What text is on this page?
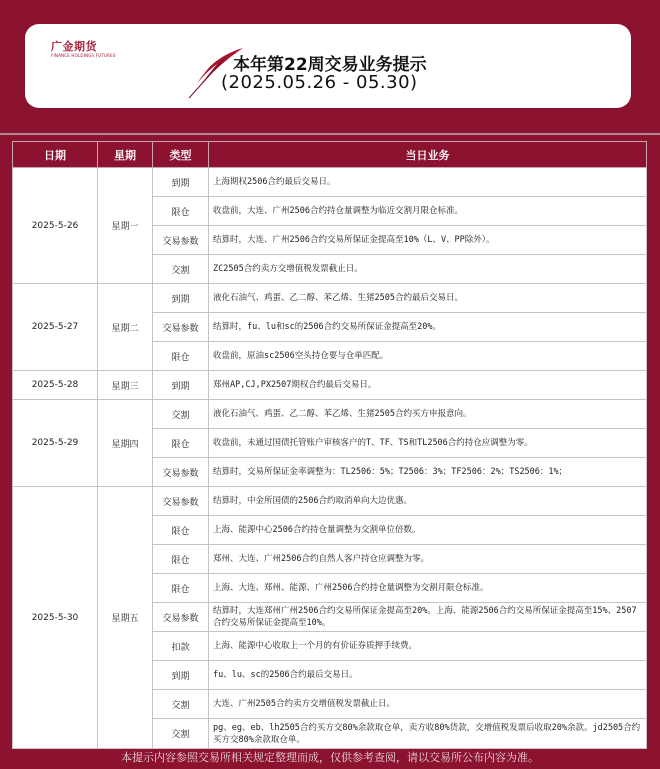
广金期货
FINANCE HOLDINGS FUTURES	本年第22周交易业务提示
(2025.05.26 - 05.30)
日期	星期	类型	当日业务
2025-5-26	星期一	到期	上海期权2506合约最后交易日。
		限仓	收盘前，大连、广州2506合约持仓量调整为临近交割月限仓标准。
		交易参数	结算时，大连、广州2506合约交易所保证金提高至10%（L、V、PP除外）。
		交割	ZC2505合约卖方交增值税发票截止日。
2025-5-27	星期二	到期	液化石油气、鸡蛋、乙二醇、苯乙烯、生猪2505合约最后交易日。
		交易参数	结算时，fu、lu和sc的2506合约交易所保证金提高至20%。
		限仓	收盘前，原油sc2506空头持仓要与仓单匹配。
2025-5-28	星期三	到期	郑州AP,CJ,PX2507期权合约最后交易日。
2025-5-29	星期四	交割	液化石油气、鸡蛋、乙二醇、苯乙烯、生猪2505合约买方申报意向。
		限仓	收盘前，未通过国债托管账户审核客户的T、TF、TS和TL2506合约持仓应调整为零。
		交易参数	结算时，交易所保证金率调整为：TL2506：5%；T2506：3%；TF2506：2%；TS2506：1%；
2025-5-30	星期五	交易参数	结算时，中金所国债的2506合约取消单向大边优惠。
		限仓	上海、能源中心2506合约持仓量调整为交割单位倍数。
		限仓	郑州、大连、广州2506合约自然人客户持仓应调整为零。
		限仓	上海、大连、郑州、能源、广州2506合约持仓量调整为交割月限仓标准。
		交易参数	结算时，大连郑州广州2506合约交易所保证金提高至20%。上海、能源2506合约交易所保证金提高至15%、2507合约交易所保证金提高至10%。
		扣款	上海、能源中心收取上一个月的有价证券质押手续费。
		到期	fu、lu、sc的2506合约最后交易日。
		交割	大连、广州2505合约卖方交增值税发票截止日。
		交割	pg、eg、eb、lh2505合约买方交80%余款取仓单，卖方收80%货款，交增值税发票后收取20%余款。jd2505合约买方交80%余款取仓单。
本提示内容参照交易所相关规定整理而成，仅供参考查阅，请以交易所公布内容为准。
